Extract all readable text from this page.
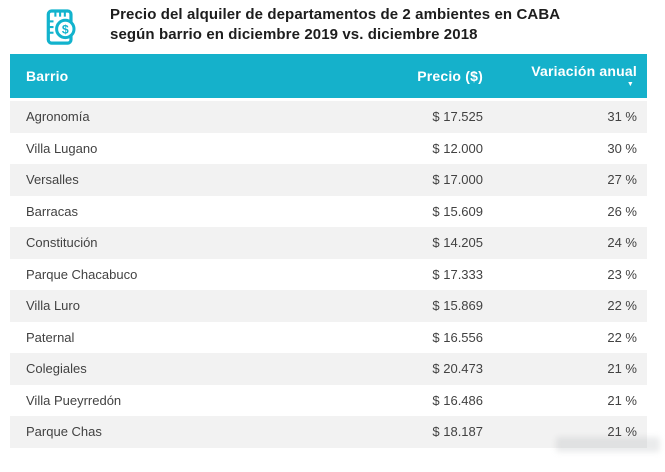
$
Precio del alquiler de departamentos de 2 ambientes en CABA
según barrio en diciembre 2019 vs. diciembre 2018
Barrio	Precio ($)	Variación anual
▼
Agronomía	$ 17.525	31 %
Villa Lugano	$ 12.000	30 %
Versalles	$ 17.000	27 %
Barracas	$ 15.609	26 %
Constitución	$ 14.205	24 %
Parque Chacabuco	$ 17.333	23 %
Villa Luro	$ 15.869	22 %
Paternal	$ 16.556	22 %
Colegiales	$ 20.473	21 %
Villa Pueyrredón	$ 16.486	21 %
Parque Chas	$ 18.187	21 %
